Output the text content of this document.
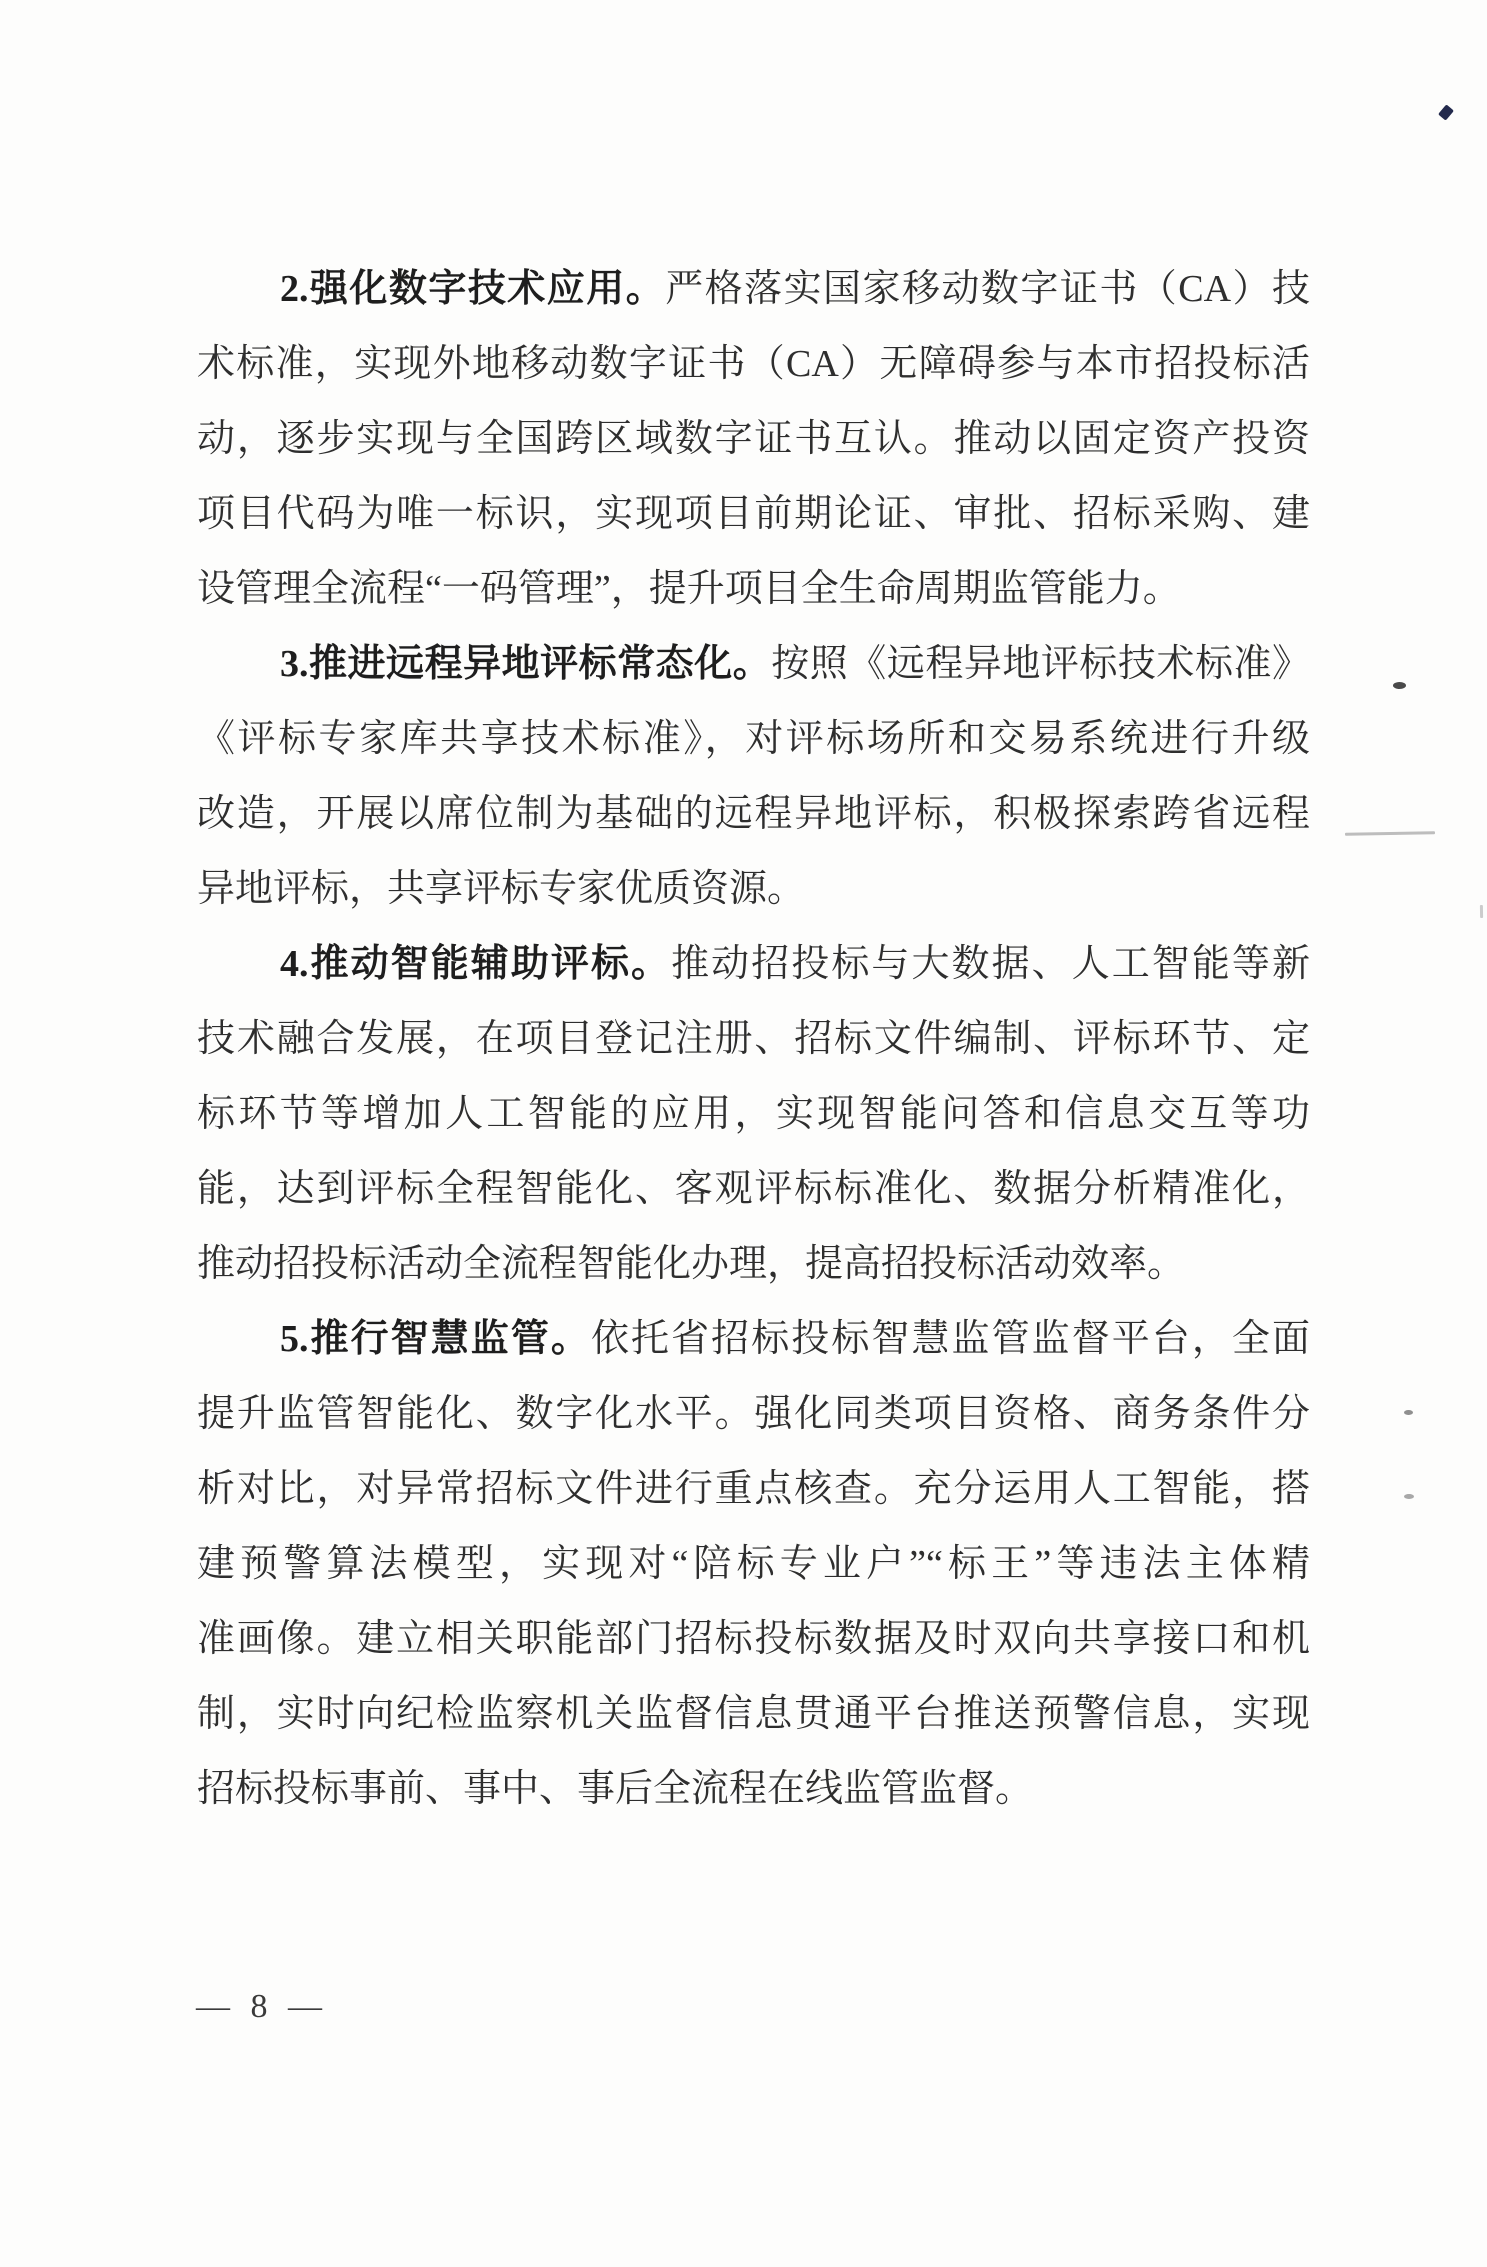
2.强化数字技术应用。严格落实国家移动数字证书（CA）技
术标准，实现外地移动数字证书（CA）无障碍参与本市招投标活
动，逐步实现与全国跨区域数字证书互认。推动以固定资产投资
项目代码为唯一标识，实现项目前期论证、审批、招标采购、建
设管理全流程“一码管理”，提升项目全生命周期监管能力。
3.推进远程异地评标常态化。按照《远程异地评标技术标准》
《评标专家库共享技术标准》，对评标场所和交易系统进行升级
改造，开展以席位制为基础的远程异地评标，积极探索跨省远程
异地评标，共享评标专家优质资源。
4.推动智能辅助评标。推动招投标与大数据、人工智能等新
技术融合发展，在项目登记注册、招标文件编制、评标环节、定
标环节等增加人工智能的应用，实现智能问答和信息交互等功
能，达到评标全程智能化、客观评标标准化、数据分析精准化，
推动招投标活动全流程智能化办理，提高招投标活动效率。
5.推行智慧监管。依托省招标投标智慧监管监督平台，全面
提升监管智能化、数字化水平。强化同类项目资格、商务条件分
析对比，对异常招标文件进行重点核查。充分运用人工智能，搭
建预警算法模型，实现对“陪标专业户”“标王”等违法主体精
准画像。建立相关职能部门招标投标数据及时双向共享接口和机
制，实时向纪检监察机关监督信息贯通平台推送预警信息，实现
招标投标事前、事中、事后全流程在线监管监督。
— 8 —
